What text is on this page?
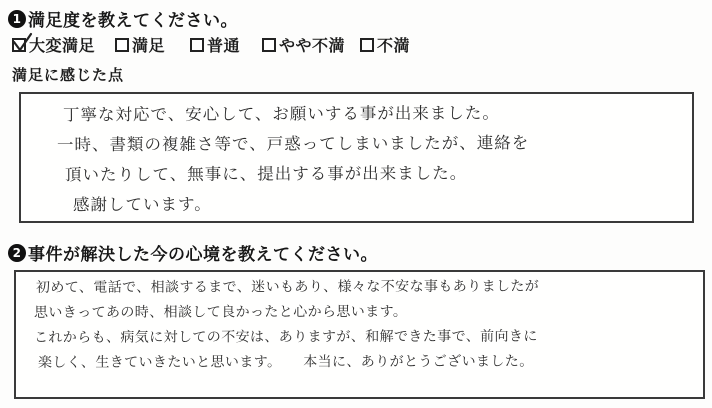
1 満足度を教えてください。
大変満足 満足	普通 やや不満 不満
満足に感じた点
丁寧な対応で、安心して、お願いする事が出来ました。
一時、書類の複雑さ等で、戸惑ってしまいましたが、連絡を
頂いたりして、無事に、提出する事が出来ました。
感謝しています。
2 事件が解決した今の心境を教えてください。
初めて、電話で、相談するまで、迷いもあり、様々な不安な事もありましたが
思いきってあの時、相談して良かったと心から思います。
これからも、病気に対しての不安は、ありますが、和解できた事で、前向きに
楽しく、生きていきたいと思います。　　本当に、ありがとうございました。
